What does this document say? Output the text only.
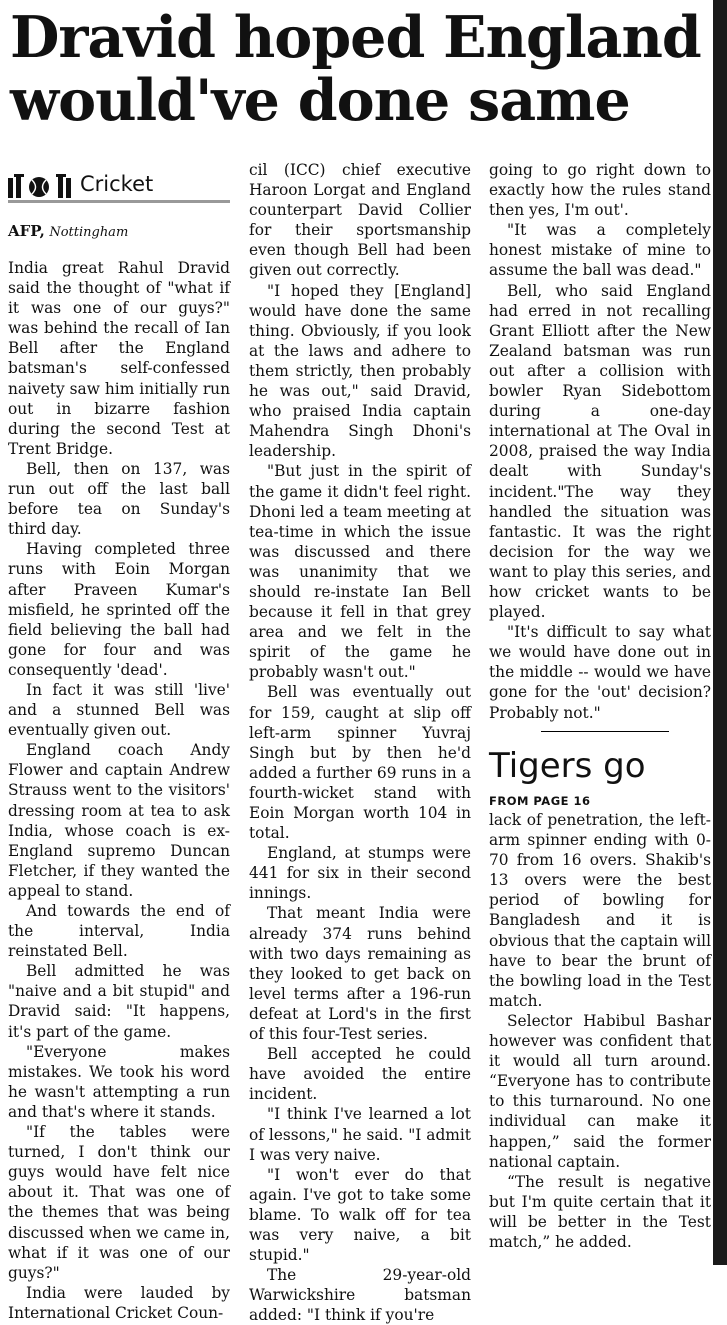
Dravid hoped England would've done same
Cricket
AFP, Nottingham

India great Rahul Dravid said the thought of "what if it was one of our guys?" was behind the recall of Ian Bell after the England batsman's self-confessed naivety saw him initially run out in bizarre fashion during the second Test at Trent Bridge.

Bell, then on 137, was run out off the last ball before tea on Sunday's third day.

Having completed three runs with Eoin Morgan after Praveen Kumar's misfield, he sprinted off the field believing the ball had gone for four and was consequently 'dead'.

In fact it was still 'live' and a stunned Bell was eventually given out.

England coach Andy Flower and captain Andrew Strauss went to the visitors' dressing room at tea to ask India, whose coach is ex-England supremo Duncan Fletcher, if they wanted the appeal to stand.

And towards the end of the interval, India reinstated Bell.

Bell admitted he was "naive and a bit stupid" and Dravid said: "It happens, it's part of the game.

"Everyone makes mistakes. We took his word he wasn't attempting a run and that's where it stands.

"If the tables were turned, I don't think our guys would have felt nice about it. That was one of the themes that was being discussed when we came in, what if it was one of our guys?"

India were lauded by International Cricket Coun-

cil (ICC) chief executive Haroon Lorgat and England counterpart David Collier for their sportsmanship even though Bell had been given out correctly.

"I hoped they [England] would have done the same thing. Obviously, if you look at the laws and adhere to them strictly, then probably he was out," said Dravid, who praised India captain Mahendra Singh Dhoni's leadership.

"But just in the spirit of the game it didn't feel right. Dhoni led a team meeting at tea-time in which the issue was discussed and there was unanimity that we should re-instate Ian Bell because it fell in that grey area and we felt in the spirit of the game he probably wasn't out."

Bell was eventually out for 159, caught at slip off left-arm spinner Yuvraj Singh but by then he'd added a further 69 runs in a fourth-wicket stand with Eoin Morgan worth 104 in total.

England, at stumps were 441 for six in their second innings.

That meant India were already 374 runs behind with two days remaining as they looked to get back on level terms after a 196-run defeat at Lord's in the first of this four-Test series.

Bell accepted he could have avoided the entire incident.

"I think I've learned a lot of lessons," he said. "I admit I was very naive.

"I won't ever do that again. I've got to take some blame. To walk off for tea was very naive, a bit stupid."

The 29-year-old Warwickshire batsman added: "I think if you're

going to go right down to exactly how the rules stand then yes, I'm out'.

"It was a completely honest mistake of mine to assume the ball was dead."

Bell, who said England had erred in not recalling Grant Elliott after the New Zealand batsman was run out after a collision with bowler Ryan Sidebottom during a one-day international at The Oval in 2008, praised the way India dealt with Sunday's incident."The way they handled the situation was fantastic. It was the right decision for the way we want to play this series, and how cricket wants to be played.

"It's difficult to say what we would have done out in the middle -- would we have gone for the 'out' decision? Probably not."

Tigers go
FROM PAGE 16

lack of penetration, the left-arm spinner ending with 0-70 from 16 overs. Shakib's 13 overs were the best period of bowling for Bangladesh and it is obvious that the captain will have to bear the brunt of the bowling load in the Test match.

Selector Habibul Bashar however was confident that it would all turn around. “Everyone has to contribute to this turnaround. No one individual can make it happen,” said the former national captain.

“The result is negative but I'm quite certain that it will be better in the Test match,” he added.
